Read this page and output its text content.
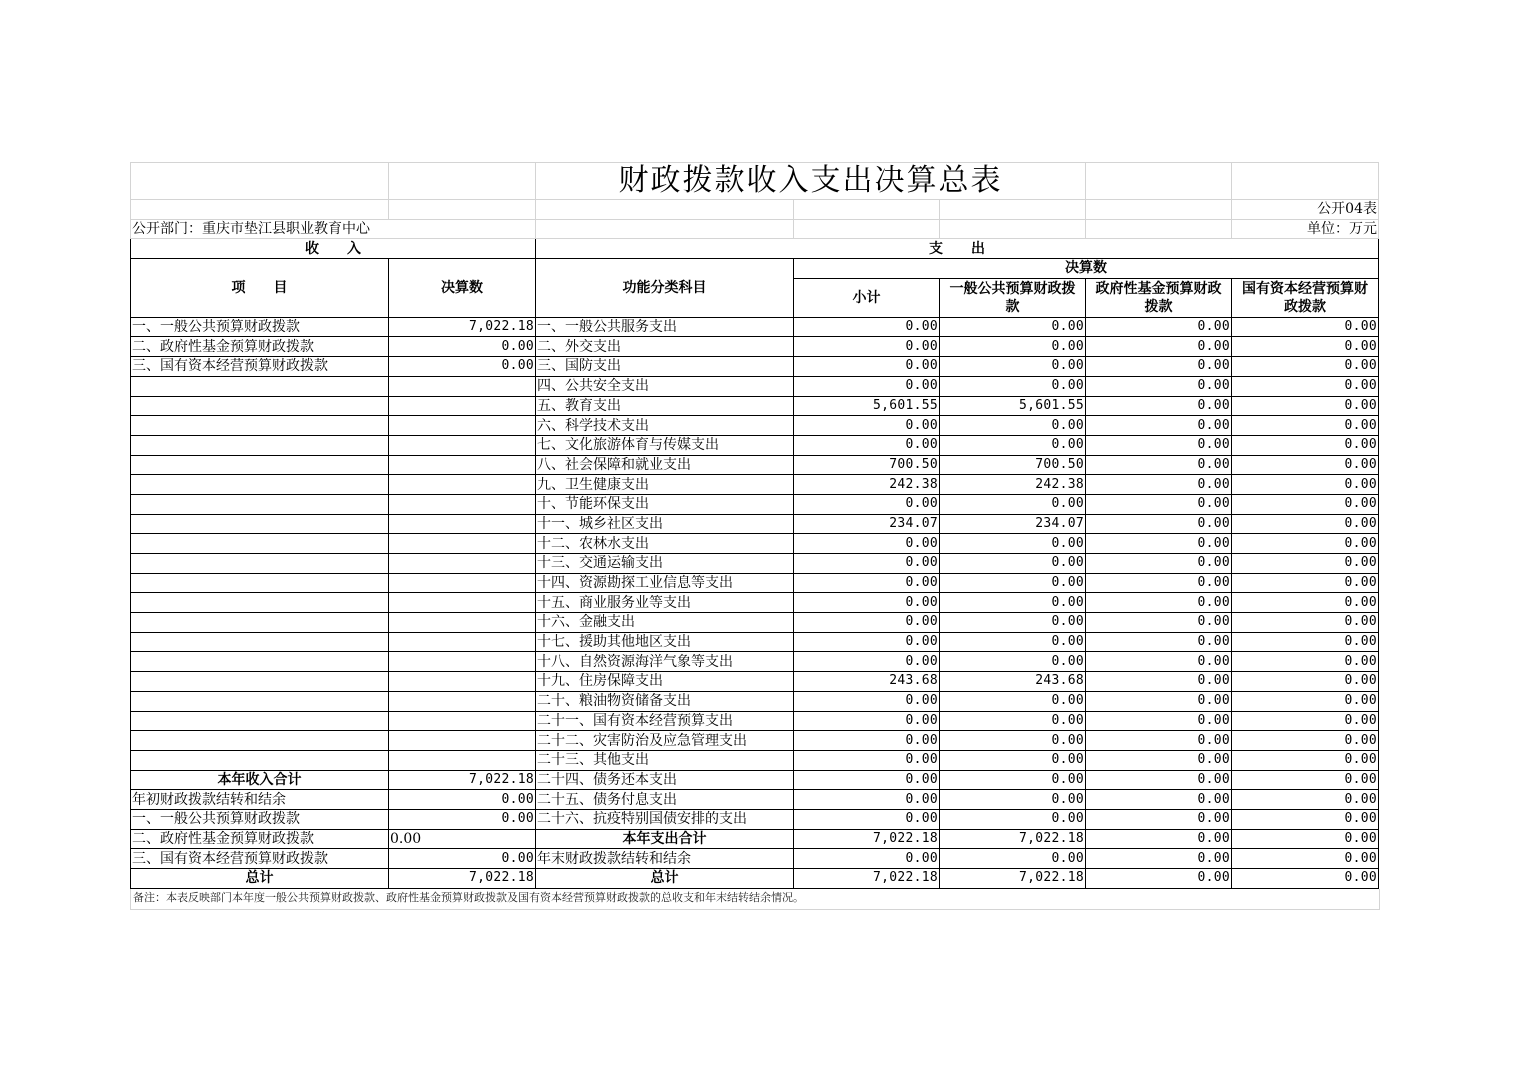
		财政拨款收入支出决算总表				
						公开04表
公开部门：重庆市垫江县职业教育中心						单位：万元
收　　入		支　　出				
项　　目	决算数	功能分类科目	决算数			
			小计	一般公共预算财政拨款	政府性基金预算财政拨款	国有资本经营预算财政拨款
一、一般公共预算财政拨款	7,022.18	一、一般公共服务支出	0.00	0.00	0.00	0.00
二、政府性基金预算财政拨款	0.00	二、外交支出	0.00	0.00	0.00	0.00
三、国有资本经营预算财政拨款	0.00	三、国防支出	0.00	0.00	0.00	0.00
		四、公共安全支出	0.00	0.00	0.00	0.00
		五、教育支出	5,601.55	5,601.55	0.00	0.00
		六、科学技术支出	0.00	0.00	0.00	0.00
		七、文化旅游体育与传媒支出	0.00	0.00	0.00	0.00
		八、社会保障和就业支出	700.50	700.50	0.00	0.00
		九、卫生健康支出	242.38	242.38	0.00	0.00
		十、节能环保支出	0.00	0.00	0.00	0.00
		十一、城乡社区支出	234.07	234.07	0.00	0.00
		十二、农林水支出	0.00	0.00	0.00	0.00
		十三、交通运输支出	0.00	0.00	0.00	0.00
		十四、资源勘探工业信息等支出	0.00	0.00	0.00	0.00
		十五、商业服务业等支出	0.00	0.00	0.00	0.00
		十六、金融支出	0.00	0.00	0.00	0.00
		十七、援助其他地区支出	0.00	0.00	0.00	0.00
		十八、自然资源海洋气象等支出	0.00	0.00	0.00	0.00
		十九、住房保障支出	243.68	243.68	0.00	0.00
		二十、粮油物资储备支出	0.00	0.00	0.00	0.00
		二十一、国有资本经营预算支出	0.00	0.00	0.00	0.00
		二十二、灾害防治及应急管理支出	0.00	0.00	0.00	0.00
		二十三、其他支出	0.00	0.00	0.00	0.00
本年收入合计	7,022.18	二十四、债务还本支出	0.00	0.00	0.00	0.00
年初财政拨款结转和结余	0.00	二十五、债务付息支出	0.00	0.00	0.00	0.00
一、一般公共预算财政拨款	0.00	二十六、抗疫特别国债安排的支出	0.00	0.00	0.00	0.00
二、政府性基金预算财政拨款	0.00	本年支出合计	7,022.18	7,022.18	0.00	0.00
三、国有资本经营预算财政拨款	0.00	年末财政拨款结转和结余	0.00	0.00	0.00	0.00
总计	7,022.18	总计	7,022.18	7,022.18	0.00	0.00
备注：本表反映部门本年度一般公共预算财政拨款、政府性基金预算财政拨款及国有资本经营预算财政拨款的总收支和年末结转结余情况。
